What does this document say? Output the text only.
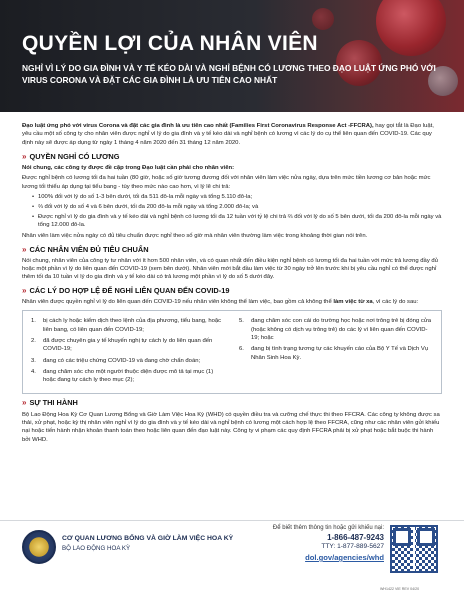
QUYỀN LỢI CỦA NHÂN VIÊN
NGHỈ VÌ LÝ DO GIA ĐÌNH VÀ Y TẾ KÉO DÀI VÀ NGHỈ BỆNH CÓ LƯƠNG THEO ĐẠO LUẬT ỨNG PHÓ VỚI VIRUS CORONA VÀ ĐẶT CÁC GIA ĐÌNH LÀ ƯU TIÊN CAO NHẤT
Đạo luật ứng phó với virus Corona và đặt các gia đình là ưu tiên cao nhất (Families First Coronavirus Response Act -FFCRA), hay gọi tắt là Đạo luật, yêu cầu một số công ty cho nhân viên được nghỉ vì lý do gia đình và y tế kéo dài và nghỉ bệnh có lương vì các lý do cụ thể liên quan đến COVID-19. Các quy định này sẽ được áp dụng từ ngày 1 tháng 4 năm 2020 đến 31 tháng 12 năm 2020.
» QUYỀN NGHỈ CÓ LƯƠNG
Nói chung, các công ty được đề cập trong Đạo luật cần phải cho nhân viên:

Được nghỉ bệnh có lương tối đa hai tuần (80 giờ, hoặc số giờ tương đương đối với nhân viên làm việc nửa ngày, dựa trên mức tiền lương cơ bản hoặc mức lương tối thiểu áp dụng tại tiểu bang - tùy theo mức nào cao hơn, vì lý lẽ chi trả:

• 100% đối với lý do số 1-3 bên dưới, tối đa 511 đô-la mỗi ngày và tổng 5.110 đô-la;
• ⅔ đối với lý do số 4 và 6 bên dưới, tối đa 200 đô-la mỗi ngày và tổng 2.000 đô-la; và
• Được nghỉ vì lý do gia đình và y tế kéo dài và nghỉ bệnh có lương tối đa 12 tuần với tỷ lệ chi trả ⅔ đối với lý do số 5 bên dưới, tối đa 200 đô-la mỗi ngày và tổng 12.000 đô-la.

Nhân viên làm việc nửa ngày có đủ tiêu chuẩn được nghỉ theo số giờ mà nhân viên thường làm việc trong khoảng thời gian nói trên.

» CÁC NHÂN VIÊN ĐỦ TIÊU CHUẨN

Nói chung, nhân viên của công ty tư nhân với ít hơn 500 nhân viên, và có quan nhất đến điều kiện nghỉ bệnh có lương tối đa hai tuần với mức trả lương đầy đủ hoặc một phần vì lý do liên quan đến COVID-19 (xem bên dưới). Nhân viên mới bắt đầu làm việc từ 30 ngày trở lên trước khi bị yêu cầu nghỉ có thể được nghỉ thêm tối đa 10 tuần vì lý do gia đình và y tế kéo dài có trả lương một phần vì lý do số 5 dưới đây.

» CÁC LÝ DO HỢP LỆ ĐỂ NGHỈ LIÊN QUAN ĐẾN COVID-19

Nhân viên được quyền nghỉ vì lý do liên quan đến COVID-19 nếu nhân viên không thể làm việc, bao gồm cả không thể làm việc từ xa, vì các lý do sau:

1.	bị cách ly hoặc kiểm dịch theo lệnh của địa phương, tiểu bang, hoặc liên bang, có liên quan đến COVID-19;
2.	đã được chuyên gia y tế khuyến nghị tự cách ly do liên quan đến COVID-19;
3.	đang có các triệu chứng COVID-19 và đang chờ chẩn đoán;
4.	đang chăm sóc cho một người thuộc diện được mô tả tại mục (1) hoặc đang tự cách ly theo mục (2);
5.	đang chăm sóc con cái do trường học hoặc nơi trông trẻ bị đóng cửa (hoặc không có dịch vụ trông trẻ) do các lý vì liên quan đến COVID-19; hoặc
6.	đang bị tình trạng tương tự các khuyến cáo của Bộ Y Tế và Dịch Vụ Nhân Sinh Hoa Kỳ.
» SỰ THI HÀNH

Bộ Lao Động Hoa Kỳ Cơ Quan Lương Bổng và Giờ Làm Việc Hoa Kỳ (WHD) có quyền điều tra và cưỡng chế thực thi theo FFCRA. Các công ty không được sa thải, xử phạt, hoặc kỳ thị nhân viên nghỉ vì lý do gia đình và y tế kéo dài và nghỉ bệnh có lương một cách hợp lệ theo FFCRA, cũng như các nhân viên gửi khiếu nại hoặc tiến hành nhận khoản thanh toán theo hoặc liên quan đến đạo luật này. Công ty vi phạm các quy định FFCRA phải bị xử phạt hoặc bắt buộc thi hành bởi WHD.

CƠ QUAN LƯƠNG BỔNG VÀ GIỜ LÀM VIỆC HOA KỲ
BỘ LAO ĐỘNG HOA KỲ
Để biết thêm thông tin hoặc gửi khiếu nại:
1-866-487-9243
TTY: 1-877-889-5627
dol.gov/agencies/whd
WH1422 VIE REV 04/20
